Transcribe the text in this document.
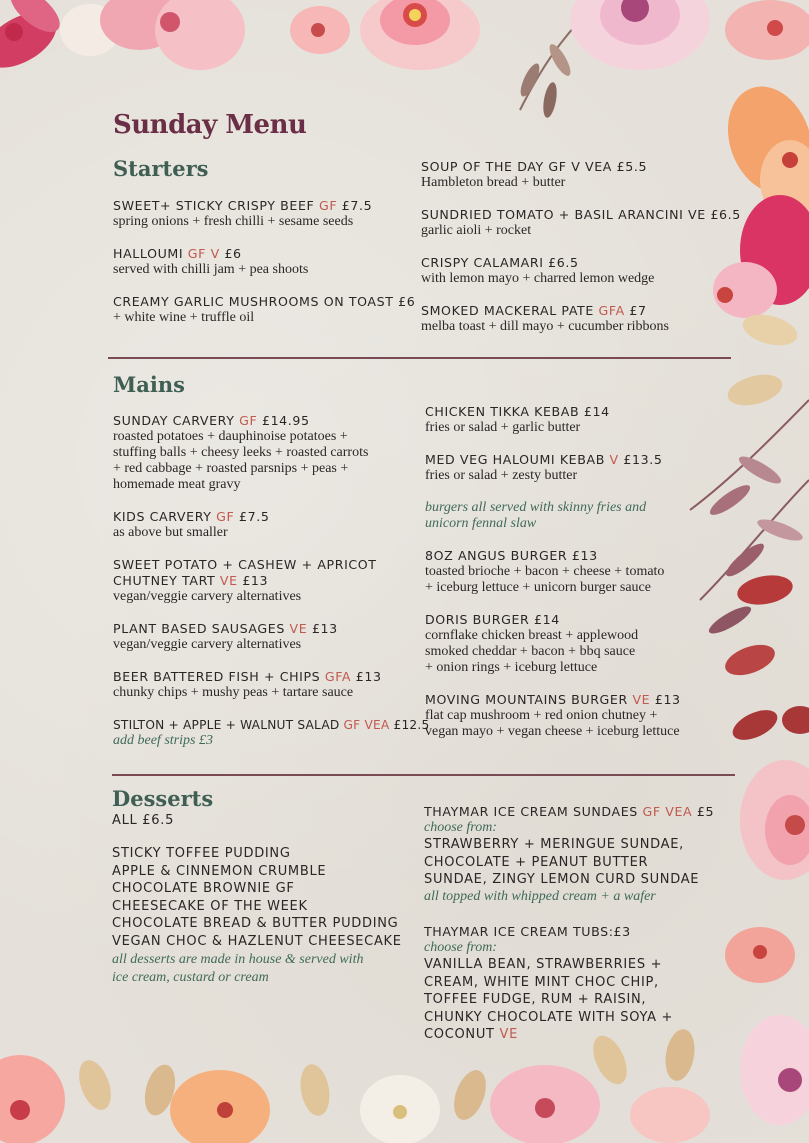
Sunday Menu
Starters
SWEET+ STICKY CRISPY BEEF GF £7.5
spring onions + fresh chilli + sesame seeds
HALLOUMI GF V £6
served with chilli jam + pea shoots
CREAMY GARLIC MUSHROOMS ON TOAST £6
+ white wine + truffle oil
SOUP OF THE DAY GF V VEA £5.5
Hambleton bread + butter
SUNDRIED TOMATO + BASIL ARANCINI VE £6.5
garlic aioli + rocket
CRISPY CALAMARI £6.5
with lemon mayo + charred lemon wedge
SMOKED MACKERAL PATE GFA £7
melba toast + dill mayo + cucumber ribbons
Mains
SUNDAY CARVERY GF £14.95
roasted potatoes + dauphinoise potatoes +
stuffing balls + cheesy leeks + roasted carrots
+ red cabbage + roasted parsnips + peas +
homemade meat gravy
KIDS CARVERY GF £7.5
as above but smaller
SWEET POTATO + CASHEW + APRICOT
CHUTNEY TART VE £13
vegan/veggie carvery alternatives
PLANT BASED SAUSAGES VE £13
vegan/veggie carvery alternatives
BEER BATTERED FISH + CHIPS GFA £13
chunky chips + mushy peas + tartare sauce
STILTON + APPLE + WALNUT SALAD GF VEA £12.5
add beef strips £3
CHICKEN TIKKA KEBAB £14
fries or salad + garlic butter
MED VEG HALOUMI KEBAB V £13.5
fries or salad + zesty butter
burgers all served with skinny fries and
unicorn fennal slaw
8OZ ANGUS BURGER £13
toasted brioche + bacon + cheese + tomato
+ iceburg lettuce + unicorn burger sauce
DORIS BURGER £14
cornflake chicken breast + applewood
smoked cheddar + bacon + bbq sauce
+ onion rings + iceburg lettuce
MOVING MOUNTAINS BURGER VE £13
flat cap mushroom + red onion chutney +
vegan mayo + vegan cheese + iceburg lettuce
Desserts
ALL £6.5
STICKY TOFFEE PUDDING
APPLE & CINNEMON CRUMBLE
CHOCOLATE BROWNIE GF
CHEESECAKE OF THE WEEK
CHOCOLATE BREAD & BUTTER PUDDING
VEGAN CHOC & HAZLENUT CHEESECAKE
all desserts are made in house & served with
ice cream, custard or cream
THAYMAR ICE CREAM SUNDAES GF VEA £5
choose from:
STRAWBERRY + MERINGUE SUNDAE,
CHOCOLATE + PEANUT BUTTER
SUNDAE, ZINGY LEMON CURD SUNDAE
all topped with whipped cream + a wafer
THAYMAR ICE CREAM TUBS:£3
choose from:
VANILLA BEAN, STRAWBERRIES +
CREAM, WHITE MINT CHOC CHIP,
TOFFEE FUDGE, RUM + RAISIN,
CHUNKY CHOCOLATE WITH SOYA +
COCONUT VE
